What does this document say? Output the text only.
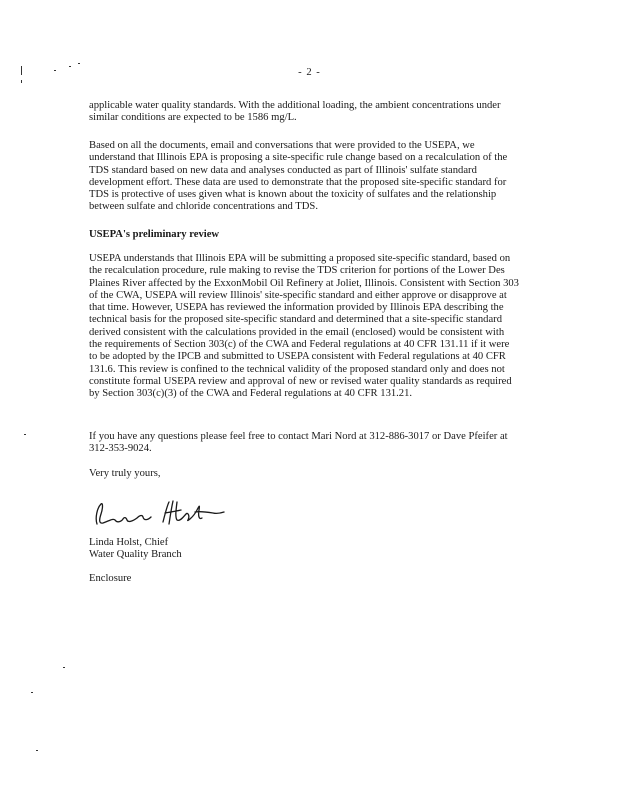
- 2 -

applicable water quality standards. With the additional loading, the ambient concentrations under similar conditions are expected to be 1586 mg/L.

Based on all the documents, email and conversations that were provided to the USEPA, we understand that Illinois EPA is proposing a site-specific rule change based on a recalculation of the TDS standard based on new data and analyses conducted as part of Illinois' sulfate standard development effort. These data are used to demonstrate that the proposed site-specific standard for TDS is protective of uses given what is known about the toxicity of sulfates and the relationship between sulfate and chloride concentrations and TDS.

USEPA's preliminary review

USEPA understands that Illinois EPA will be submitting a proposed site-specific standard, based on the recalculation procedure, rule making to revise the TDS criterion for portions of the Lower Des Plaines River affected by the ExxonMobil Oil Refinery at Joliet, Illinois. Consistent with Section 303 of the CWA, USEPA will review Illinois' site-specific standard and either approve or disapprove at that time. However, USEPA has reviewed the information provided by Illinois EPA describing the technical basis for the proposed site-specific standard and determined that a site-specific standard derived consistent with the calculations provided in the email (enclosed) would be consistent with the requirements of Section 303(c) of the CWA and Federal regulations at 40 CFR 131.11 if it were to be adopted by the IPCB and submitted to USEPA consistent with Federal regulations at 40 CFR 131.6. This review is confined to the technical validity of the proposed standard only and does not constitute formal USEPA review and approval of new or revised water quality standards as required by Section 303(c)(3) of the CWA and Federal regulations at 40 CFR 131.21.

If you have any questions please feel free to contact Mari Nord at 312-886-3017 or Dave Pfeifer at 312-353-9024.

Very truly yours,

Linda Holst, Chief

Water Quality Branch

Enclosure
